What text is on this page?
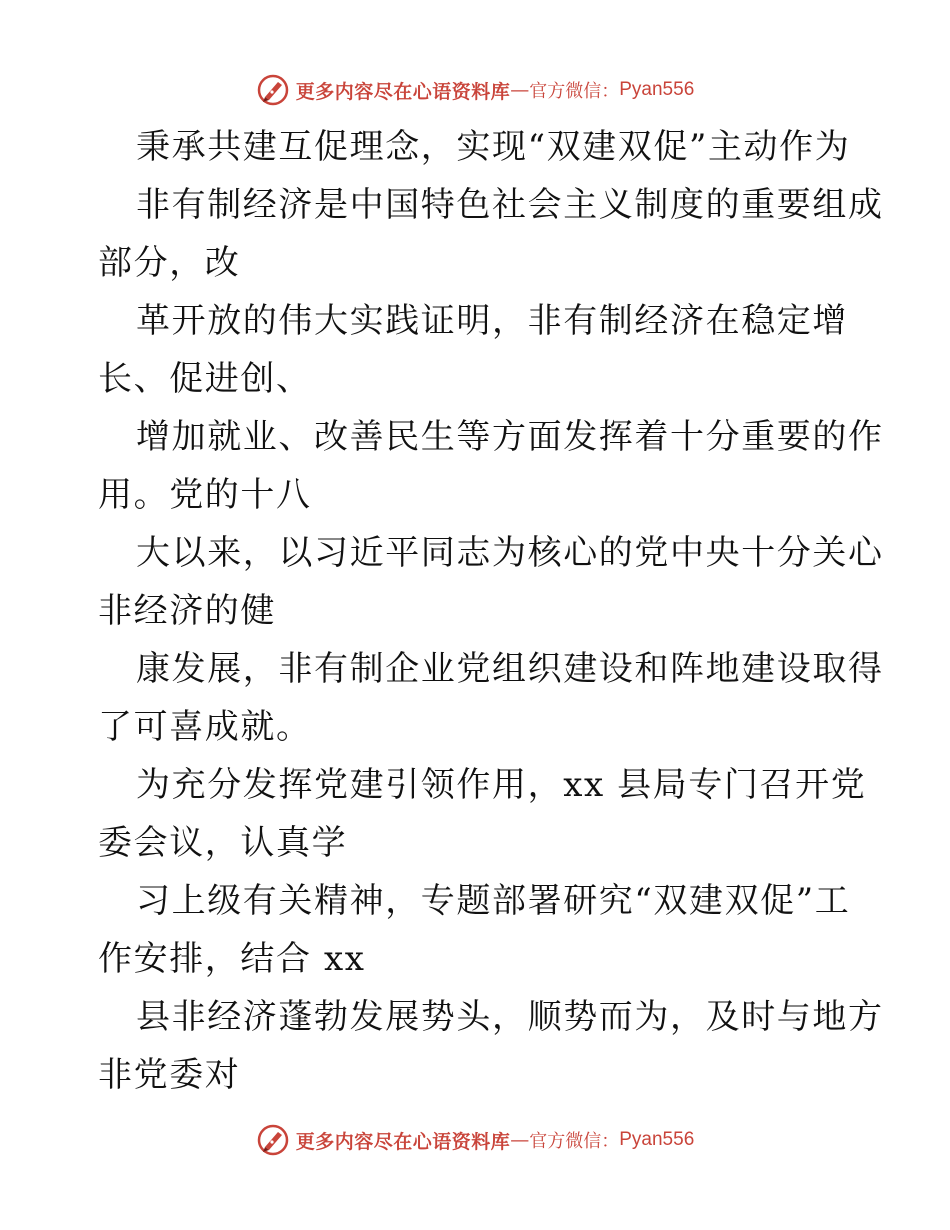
更多内容尽在心语资料库 — 官方微信： Pyan556
秉承共建互促理念，实现“双建双促”主动作为
非有制经济是中国特色社会主义制度的重要组成
部分，改
革开放的伟大实践证明，非有制经济在稳定增
长、促进创、
增加就业、改善民生等方面发挥着十分重要的作
用。党的十八
大以来，以习近平同志为核心的党中央十分关心
非经济的健
康发展，非有制企业党组织建设和阵地建设取得
了可喜成就。
为充分发挥党建引领作用，xx 县局专门召开党
委会议，认真学
习上级有关精神，专题部署研究“双建双促”工
作安排，结合 xx
县非经济蓬勃发展势头，顺势而为，及时与地方
非党委对
更多内容尽在心语资料库 — 官方微信： Pyan556
